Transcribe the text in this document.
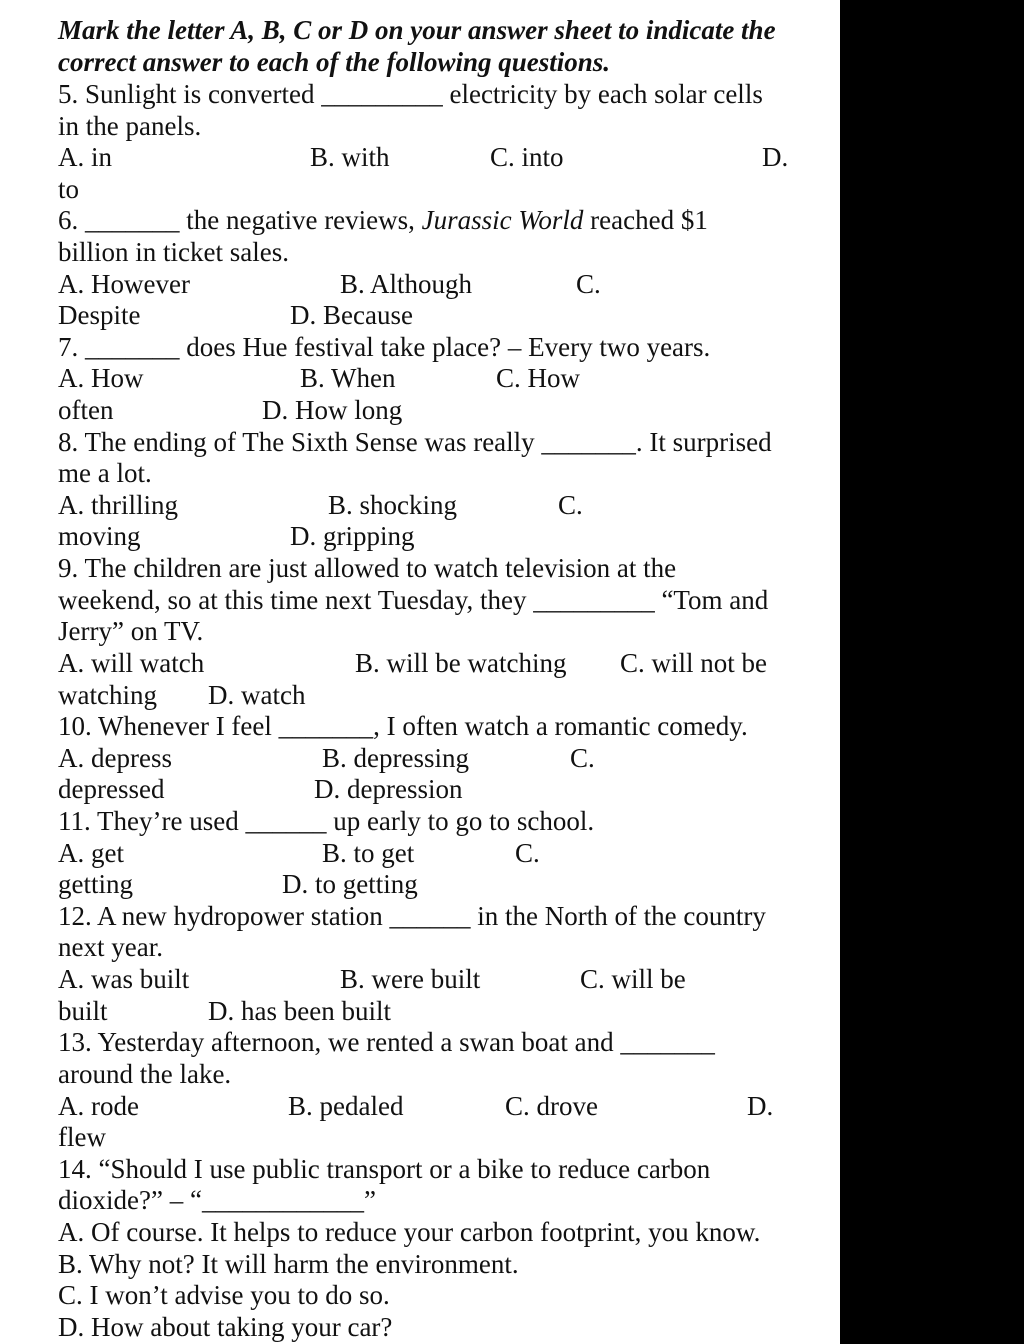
Mark the letter A, B, C or D on your answer sheet to indicate the
correct answer to each of the following questions.
5. Sunlight is converted _________ electricity by each solar cells
in the panels.
A. in	B. with	C. into	D.
to
6. _______ the negative reviews, Jurassic World reached $1
billion in ticket sales.
A. However	B. Although	C.
Despite	D. Because
7. _______ does Hue festival take place? – Every two years.
A. How	B. When	C. How
often	D. How long
8. The ending of The Sixth Sense was really _______. It surprised
me a lot.
A. thrilling	B. shocking	C.
moving	D. gripping
9. The children are just allowed to watch television at the
weekend, so at this time next Tuesday, they _________ “Tom and
Jerry” on TV.
A. will watch	B. will be watching C. will not be
watching D. watch
10. Whenever I feel _______, I often watch a romantic comedy.
A. depress	B. depressing	C.
depressed	D. depression
11. They’re used ______ up early to go to school.
A. get	B. to get	C.
getting	D. to getting
12. A new hydropower station ______ in the North of the country
next year.
A. was built	B. were built	C. will be
built	D. has been built
13. Yesterday afternoon, we rented a swan boat and _______
around the lake.
A. rode	B. pedaled	C. drove	D.
flew
14. “Should I use public transport or a bike to reduce carbon
dioxide?” – “____________”
A. Of course. It helps to reduce your carbon footprint, you know.
B. Why not? It will harm the environment.
C. I won’t advise you to do so.
D. How about taking your car?
